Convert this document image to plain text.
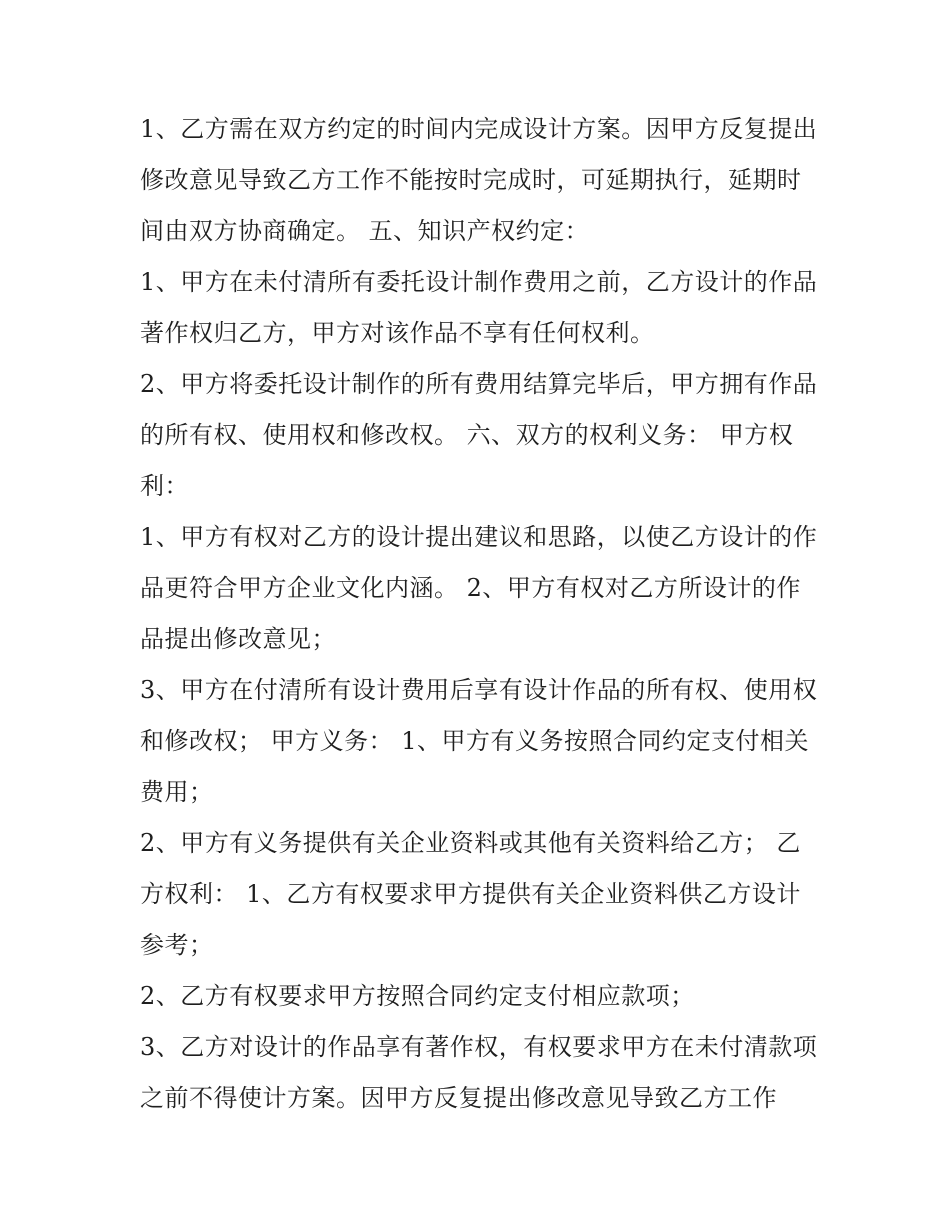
1、乙方需在双方约定的时间内完成设计方案。因甲方反复提出修改意见导致乙方工作不能按时完成时，可延期执行，延期时间由双方协商确定。 五、知识产权约定：

1、甲方在未付清所有委托设计制作费用之前，乙方设计的作品著作权归乙方，甲方对该作品不享有任何权利。

2、甲方将委托设计制作的所有费用结算完毕后，甲方拥有作品的所有权、使用权和修改权。 六、双方的权利义务： 甲方权利：

1、甲方有权对乙方的设计提出建议和思路，以使乙方设计的作品更符合甲方企业文化内涵。 2、甲方有权对乙方所设计的作品提出修改意见；

3、甲方在付清所有设计费用后享有设计作品的所有权、使用权和修改权； 甲方义务： 1、甲方有义务按照合同约定支付相关费用；

2、甲方有义务提供有关企业资料或其他有关资料给乙方； 乙方权利： 1、乙方有权要求甲方提供有关企业资料供乙方设计参考；

2、乙方有权要求甲方按照合同约定支付相应款项；

3、乙方对设计的作品享有著作权，有权要求甲方在未付清款项之前不得使计方案。因甲方反复提出修改意见导致乙方工作
